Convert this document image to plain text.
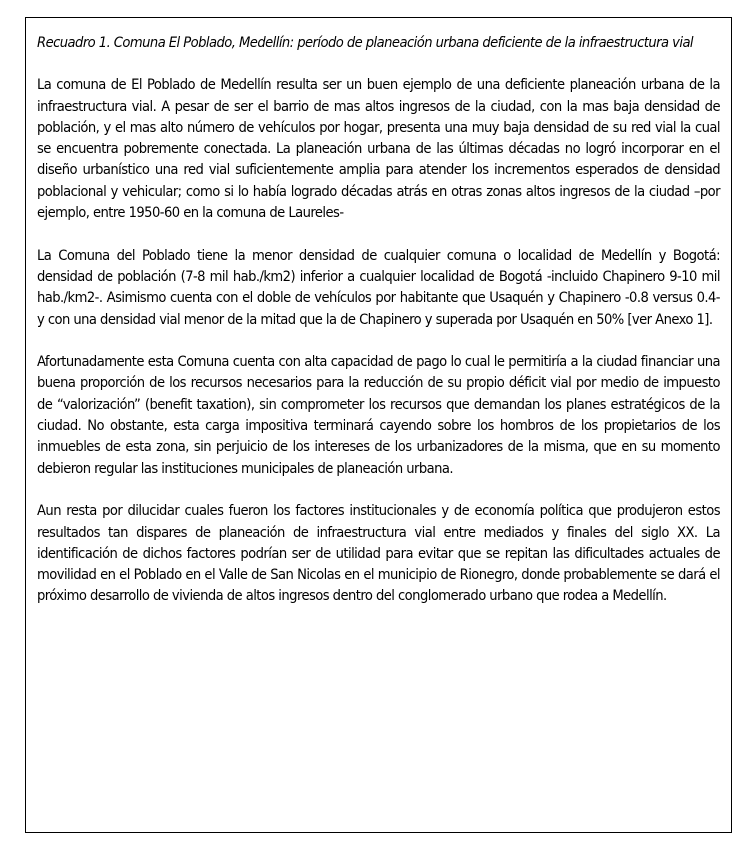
Recuadro 1. Comuna El Poblado, Medellín: período de planeación urbana deficiente de la infraestructura vial

La comuna de El Poblado de Medellín resulta ser un buen ejemplo de una deficiente planeación urbana de la infraestructura vial. A pesar de ser el barrio de mas altos ingresos de la ciudad, con la mas baja densidad de población, y el mas alto número de vehículos por hogar, presenta una muy baja densidad de su red vial la cual se encuentra pobremente conectada. La planeación urbana de las últimas décadas no logró incorporar en el diseño urbanístico una red vial suficientemente amplia para atender los incrementos esperados de densidad poblacional y vehicular; como si lo había logrado décadas atrás en otras zonas altos ingresos de la ciudad –por ejemplo, entre 1950-60 en la comuna de Laureles-

La Comuna del Poblado tiene la menor densidad de cualquier comuna o localidad de Medellín y Bogotá: densidad de población (7-8 mil hab./km2) inferior a cualquier localidad de Bogotá -incluido Chapinero 9-10 mil hab./km2-. Asimismo cuenta con el doble de vehículos por habitante que Usaquén y Chapinero -0.8 versus 0.4- y con una densidad vial menor de la mitad que la de Chapinero y superada por Usaquén en 50% [ver Anexo 1].

Afortunadamente esta Comuna cuenta con alta capacidad de pago lo cual le permitiría a la ciudad financiar una buena proporción de los recursos necesarios para la reducción de su propio déficit vial por medio de impuesto de “valorización” (benefit taxation), sin comprometer los recursos que demandan los planes estratégicos de la ciudad. No obstante, esta carga impositiva terminará cayendo sobre los hombros de los propietarios de los inmuebles de esta zona, sin perjuicio de los intereses de los urbanizadores de la misma, que en su momento debieron regular las instituciones municipales de planeación urbana.

Aun resta por dilucidar cuales fueron los factores institucionales y de economía política que produjeron estos resultados tan dispares de planeación de infraestructura vial entre mediados y finales del siglo XX. La identificación de dichos factores podrían ser de utilidad para evitar que se repitan las dificultades actuales de movilidad en el Poblado en el Valle de San Nicolas en el municipio de Rionegro, donde probablemente se dará el próximo desarrollo de vivienda de altos ingresos dentro del conglomerado urbano que rodea a Medellín.
